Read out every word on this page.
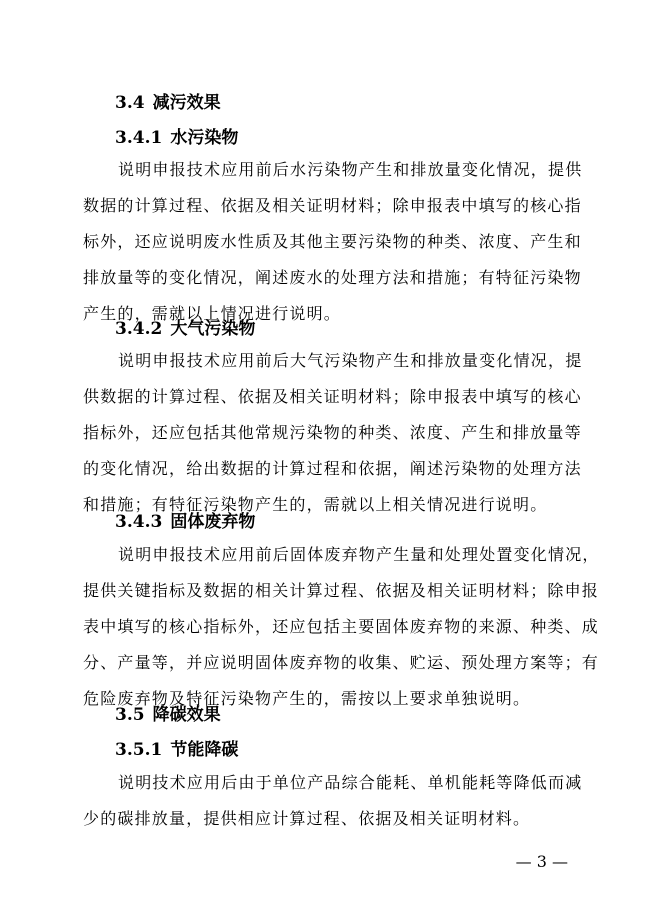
3.4 减污效果
3.4.1 水污染物
说明申报技术应用前后水污染物产生和排放量变化情况，提供
数据的计算过程、依据及相关证明材料；除申报表中填写的核心指
标外，还应说明废水性质及其他主要污染物的种类、浓度、产生和
排放量等的变化情况，阐述废水的处理方法和措施；有特征污染物
产生的，需就以上情况进行说明。
3.4.2 大气污染物
说明申报技术应用前后大气污染物产生和排放量变化情况，提
供数据的计算过程、依据及相关证明材料；除申报表中填写的核心
指标外，还应包括其他常规污染物的种类、浓度、产生和排放量等
的变化情况，给出数据的计算过程和依据，阐述污染物的处理方法
和措施；有特征污染物产生的，需就以上相关情况进行说明。
3.4.3 固体废弃物
说明申报技术应用前后固体废弃物产生量和处理处置变化情况，
提供关键指标及数据的相关计算过程、依据及相关证明材料；除申报
表中填写的核心指标外，还应包括主要固体废弃物的来源、种类、成
分、产量等，并应说明固体废弃物的收集、贮运、预处理方案等；有
危险废弃物及特征污染物产生的，需按以上要求单独说明。
3.5 降碳效果
3.5.1 节能降碳
说明技术应用后由于单位产品综合能耗、单机能耗等降低而减
少的碳排放量，提供相应计算过程、依据及相关证明材料。
— 3 —
